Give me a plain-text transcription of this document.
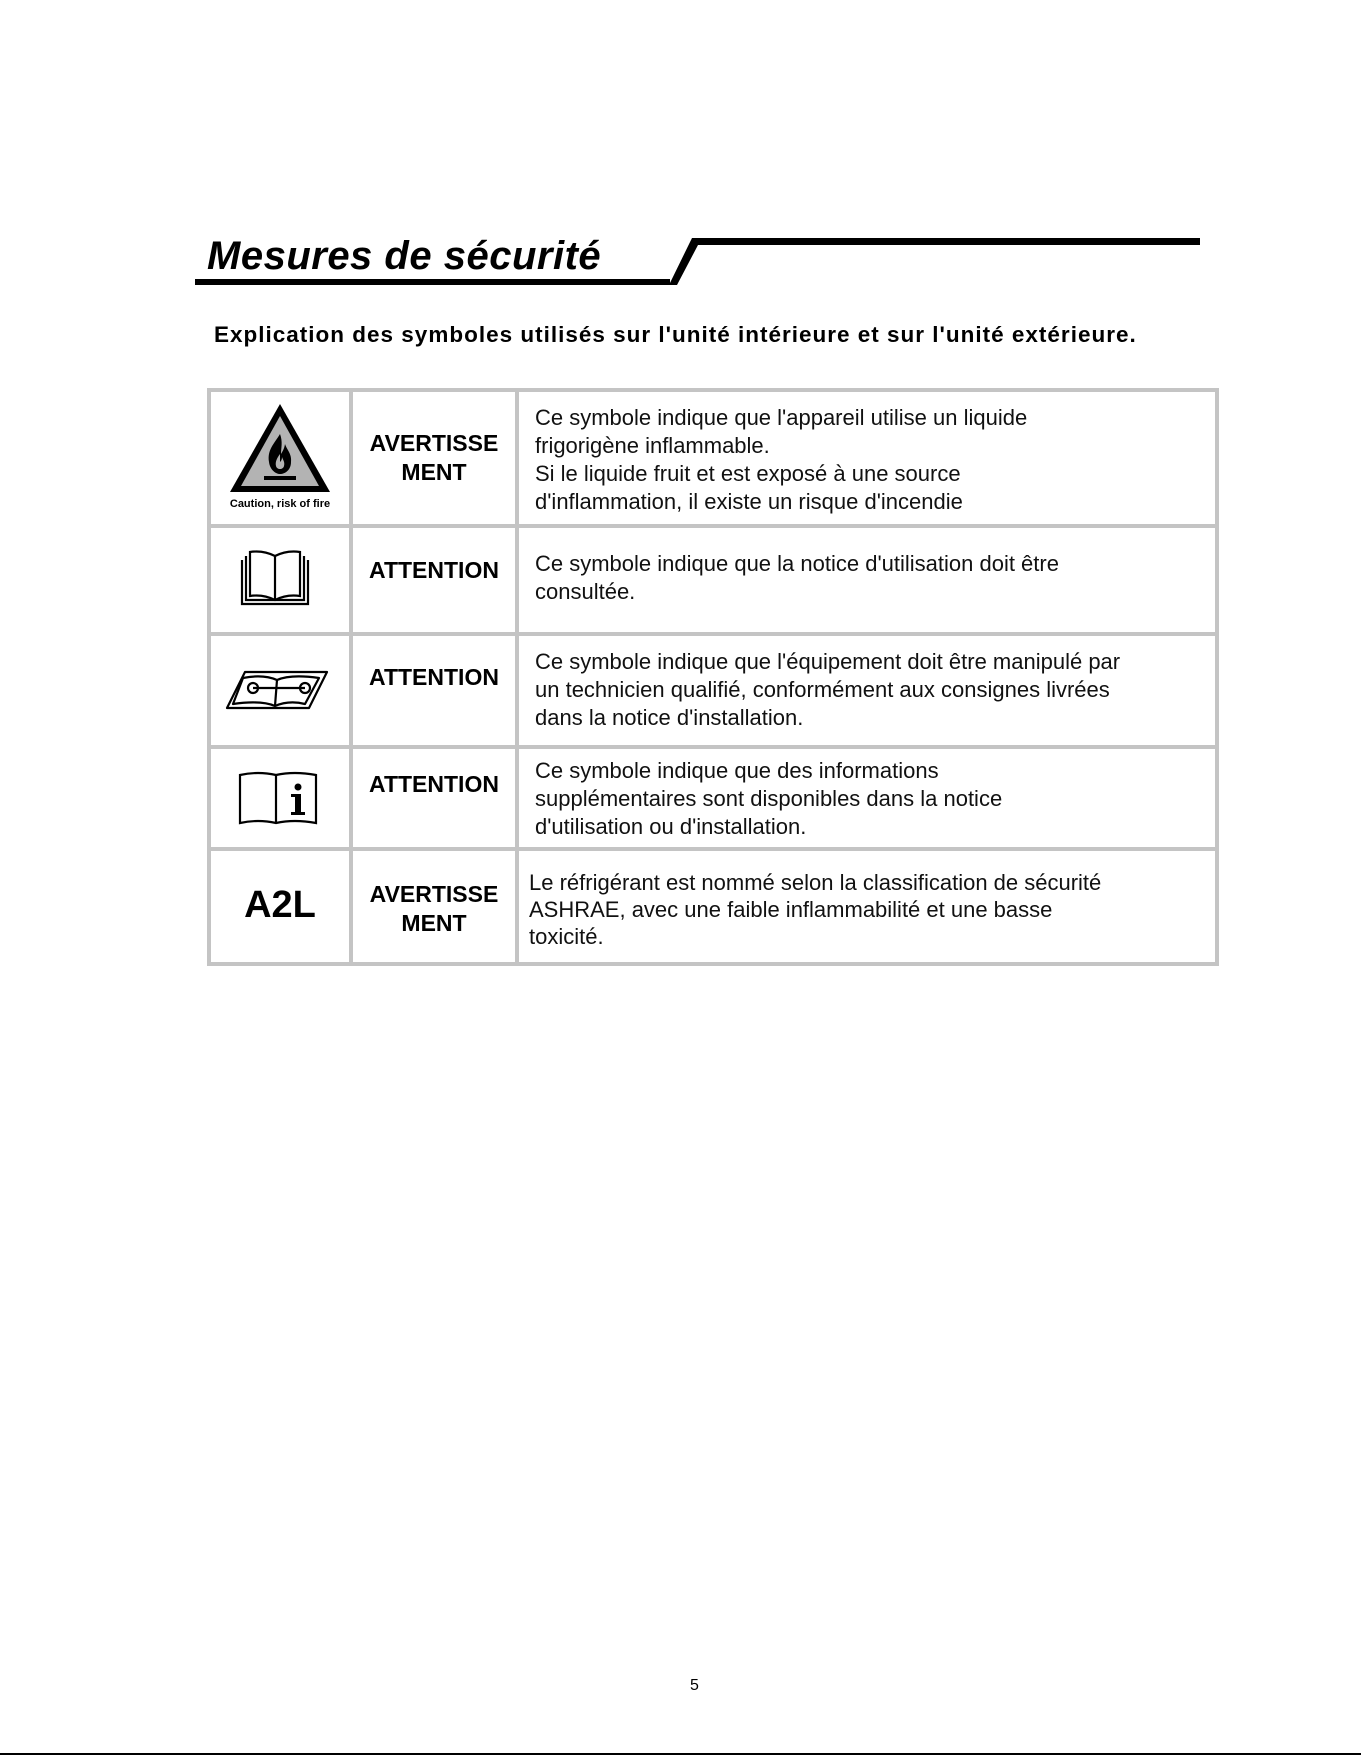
Mesures de sécurité
Explication des symboles utilisés sur l'unité intérieure et sur l'unité extérieure.
Caution, risk of fire
AVERTISSE
MENT
Ce symbole indique que l'appareil utilise un liquide
frigorigène inflammable.
Si le liquide fruit et est exposé à une source
d'inflammation, il existe un risque d'incendie
ATTENTION	Ce symbole indique que la notice d'utilisation doit être
consultée.
ATTENTION
Ce symbole indique que l'équipement doit être manipulé par
un technicien qualifié, conformément aux consignes livrées
dans la notice d'installation.
ATTENTION
Ce symbole indique que des informations
supplémentaires sont disponibles dans la notice
d'utilisation ou d'installation.
A2L	AVERTISSE
MENT
Le réfrigérant est nommé selon la classification de sécurité
ASHRAE, avec une faible inflammabilité et une basse
toxicité.
5
